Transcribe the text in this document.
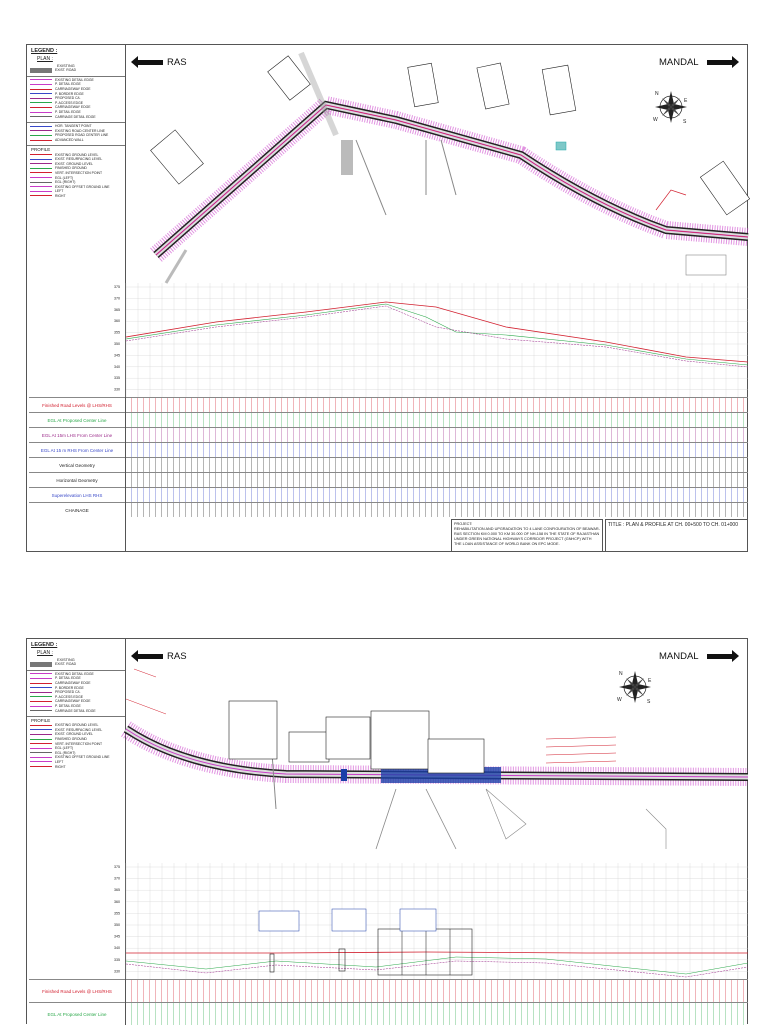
LEGEND :
PLAN :
EXISTING
EXIST. ROAD
EXISTING DETAIL EDGE
P. DETAIL EDGE
CARRIAGEWAY EDGE
P. BORDER EDGE
PROPOSED C/L
P. ACCESS EDGE
CARRIAGEWAY EDGE
P. DETAIL EDGE
CARRIAGE DETAIL EDGE
HOR. TANGENT POINT
EXISTING ROAD CENTER LINE
PROPOSED ROAD CENTER LINE
ADVANCED WALL
PROFILE
EXISTING GROUND LEVEL
EXIST. RESURFACING LEVEL
EXIST. GROUND LEVEL
FINISHED GROUND
VERT. INTERSECTION POINT
EGL (LEFT)
EGL (RIGHT)
EXISTING OFFSET GROUND LINE
LEFT
RIGHT
RAS	MANDAL
N
E
S
W
375
370
365
360
355
350
345
340
335
330
Finished Road Levels @ LHS/RHS
EGL At Proposed Center Line
EGL At 15m LHS From Center Line
EGL At 15 m RHS From Center Line
Vertical Geometry
Horizontal Geometry
Superelevation LHS RHS
CHAINAGE
PROJECT:
REHABILITATION AND UPGRADATION TO 4 LANE CONFIGURATION OF BEAWAR-RAS SECTION KM 0.000 TO KM 30.000 OF NH-158 IN THE STATE OF RAJASTHAN UNDER GREEN NATIONAL HIGHWAYS CORRIDOR PROJECT (GNHCP) WITH THE LOAN ASSISTANCE OF WORLD BANK ON EPC MODE.
TITLE : PLAN & PROFILE AT CH. 00+500 TO CH. 01+000
LEGEND :
PLAN :
EXISTING
EXIST. ROAD
EXISTING DETAIL EDGE
P. DETAIL EDGE
CARRIAGEWAY EDGE
P. BORDER EDGE
PROPOSED C/L
P. ACCESS EDGE
CARRIAGEWAY EDGE
P. DETAIL EDGE
CARRIAGE DETAIL EDGE
PROFILE
EXISTING GROUND LEVEL
EXIST. RESURFACING LEVEL
EXIST. GROUND LEVEL
FINISHED GROUND
VERT. INTERSECTION POINT
EGL (LEFT)
EGL (RIGHT)
EXISTING OFFSET GROUND LINE
LEFT
RIGHT
RAS	MANDAL
N
E
S
W
375
370
365
360
355
350
345
340
335
330
Finished Road Levels @ LHS/RHS
EGL At Proposed Center Line
